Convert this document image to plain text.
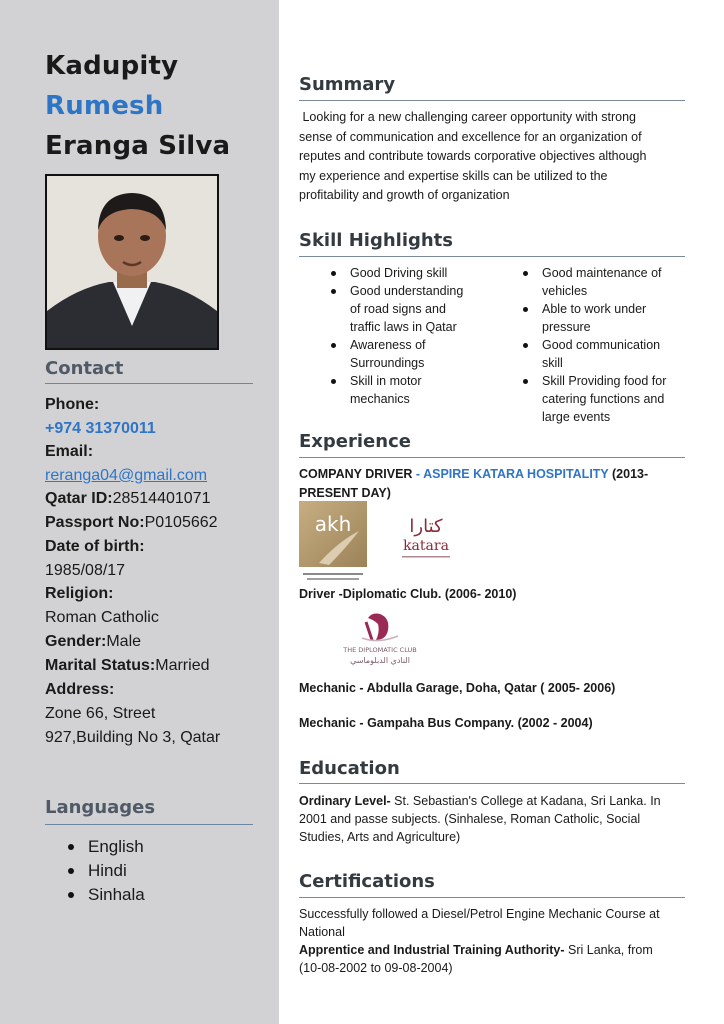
Kadupity
Rumesh
Eranga Silva
Contact
Phone:
+974 31370011
Email:
reranga04@gmail.com
Qatar ID:28514401071
Passport No:P0105662
Date of birth:
1985/08/17
Religion:
Roman Catholic
Gender:Male
Marital Status:Married
Address:
Zone 66, Street
927,Building No 3, Qatar
Languages
English
Hindi
Sinhala
Summary
Looking for a new challenging career opportunity with strong
sense of communication and excellence for an organization of
reputes and contribute towards corporative objectives although
my experience and expertise skills can be utilized to the
profitability and growth of organization
Skill Highlights
Good Driving skill
Good understanding of road signs and traffic laws in Qatar
Awareness of Surroundings
Skill in motor mechanics
Good maintenance of vehicles
Able to work under pressure
Good communication skill
Skill Providing food for catering functions and large events
Experience
COMPANY DRIVER - ASPIRE KATARA HOSPITALITY (2013-
PRESENT DAY)
akh	كتارا
katara
Driver -Diplomatic Club. (2006- 2010)
THE DIPLOMATIC CLUB
النادي الدبلوماسي
Mechanic - Abdulla Garage, Doha, Qatar ( 2005- 2006)
Mechanic - Gampaha Bus Company. (2002 - 2004)
Education
Ordinary Level- St. Sebastian's College at Kadana, Sri Lanka. In
2001 and passe subjects. (Sinhalese, Roman Catholic, Social
Studies, Arts and Agriculture)
Certifications
Successfully followed a Diesel/Petrol Engine Mechanic Course at
National
Apprentice and Industrial Training Authority- Sri Lanka, from
(10-08-2002 to 09-08-2004)
